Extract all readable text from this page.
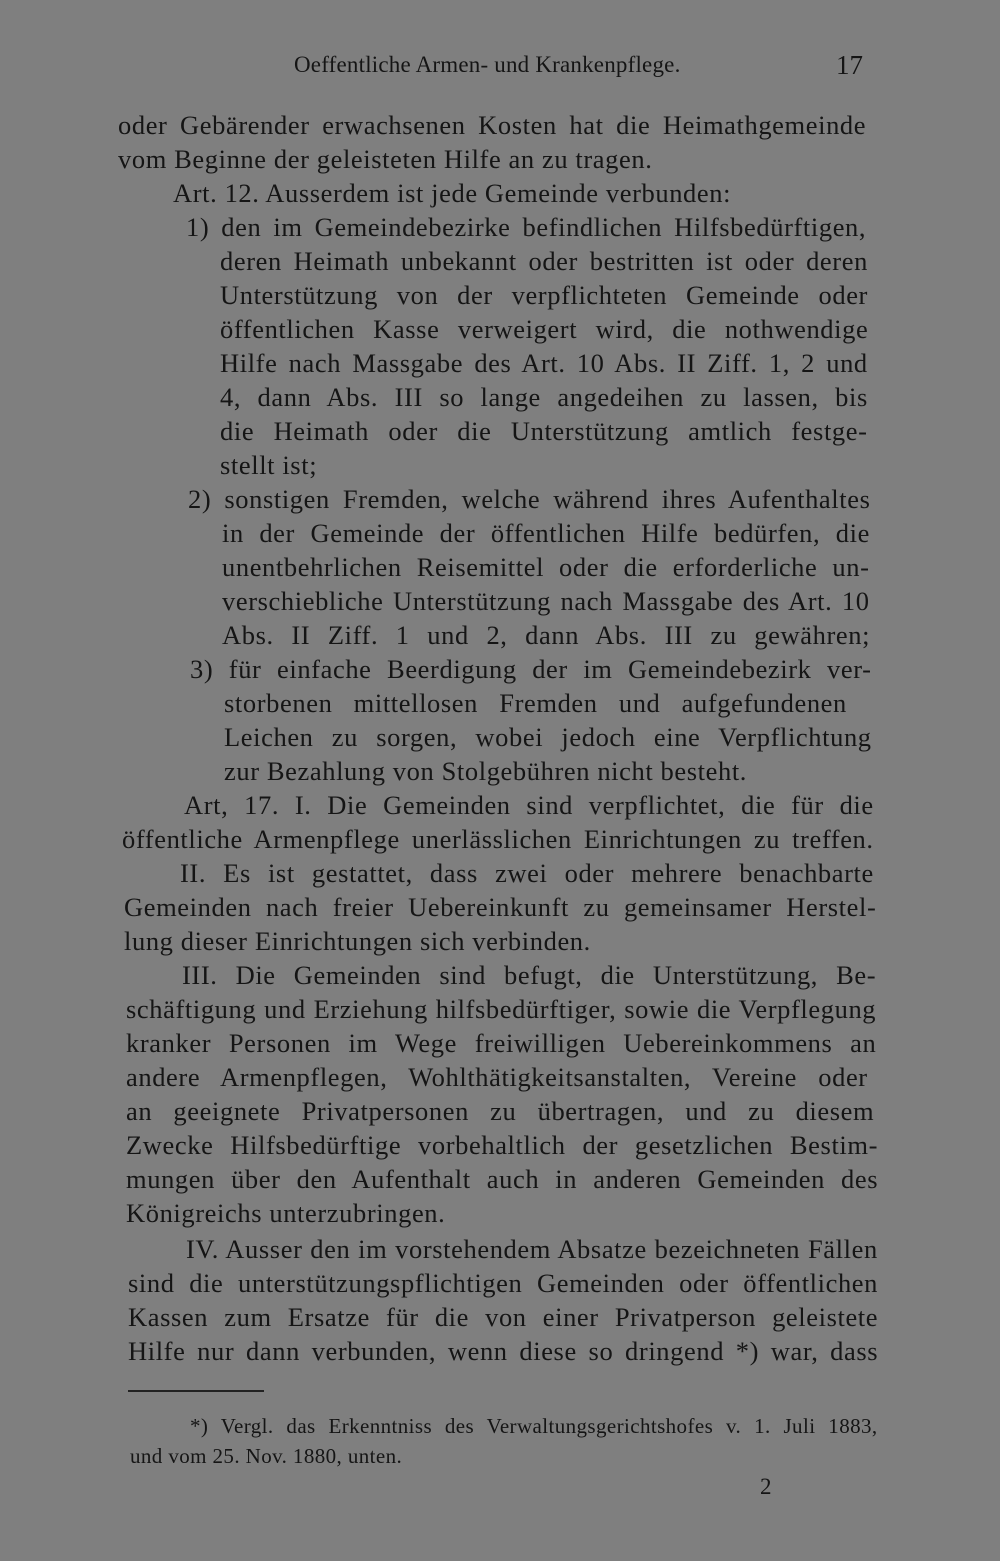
Oeffentliche Armen- und Krankenpflege.	17
oder Gebärender erwachsenen Kosten hat die Heimathgemeinde
vom Beginne der geleisteten Hilfe an zu tragen.
Art. 12. Ausserdem ist jede Gemeinde verbunden:
1) den im Gemeindebezirke befindlichen Hilfsbedürftigen,
deren Heimath unbekannt oder bestritten ist oder deren
Unterstützung von der verpflichteten Gemeinde oder
öffentlichen Kasse verweigert wird, die nothwendige
Hilfe nach Massgabe des Art. 10 Abs. II Ziff. 1, 2 und
4, dann Abs. III so lange angedeihen zu lassen, bis
die Heimath oder die Unterstützung amtlich festge-
stellt ist;
2) sonstigen Fremden, welche während ihres Aufenthaltes
in der Gemeinde der öffentlichen Hilfe bedürfen, die
unentbehrlichen Reisemittel oder die erforderliche un-
verschiebliche Unterstützung nach Massgabe des Art. 10
Abs. II Ziff. 1 und 2, dann Abs. III zu gewähren;
3) für einfache Beerdigung der im Gemeindebezirk ver-
storbenen mittellosen Fremden und aufgefundenen
Leichen zu sorgen, wobei jedoch eine Verpflichtung
zur Bezahlung von Stolgebühren nicht besteht.
Art, 17. I. Die Gemeinden sind verpflichtet, die für die
öffentliche Armenpflege unerlässlichen Einrichtungen zu treffen.
II. Es ist gestattet, dass zwei oder mehrere benachbarte
Gemeinden nach freier Uebereinkunft zu gemeinsamer Herstel-
lung dieser Einrichtungen sich verbinden.
III. Die Gemeinden sind befugt, die Unterstützung, Be-
schäftigung und Erziehung hilfsbedürftiger, sowie die Verpflegung
kranker Personen im Wege freiwilligen Uebereinkommens an
andere Armenpflegen, Wohlthätigkeitsanstalten, Vereine oder
an geeignete Privatpersonen zu übertragen, und zu diesem
Zwecke Hilfsbedürftige vorbehaltlich der gesetzlichen Bestim-
mungen über den Aufenthalt auch in anderen Gemeinden des
Königreichs unterzubringen.
IV. Ausser den im vorstehendem Absatze bezeichneten Fällen
sind die unterstützungspflichtigen Gemeinden oder öffentlichen
Kassen zum Ersatze für die von einer Privatperson geleistete
Hilfe nur dann verbunden, wenn diese so dringend *) war, dass
*) Vergl. das Erkenntniss des Verwaltungsgerichtshofes v. 1. Juli 1883,
und vom 25. Nov. 1880, unten.
2
